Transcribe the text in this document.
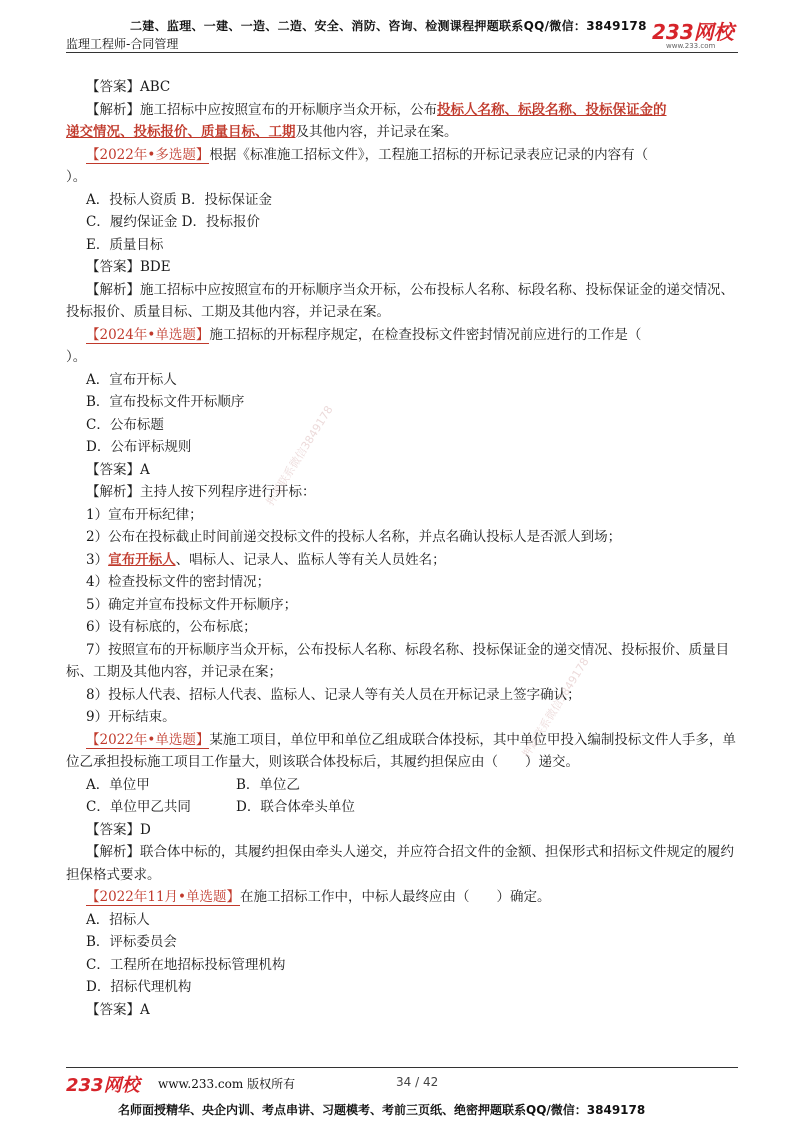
二建、监理、一建、一造、二造、安全、消防、咨询、检测课程押题联系QQ/微信：3849178
监理工程师-合同管理	233网校
www.233.com
押题联系微信3849178
押题联系微信3849178
【答案】ABC
【解析】施工招标中应按照宣布的开标顺序当众开标，公布投标人名称、标段名称、投标保证金的
递交情况、投标报价、质量目标、工期及其他内容，并记录在案。
【2022年•多选题】根据《标准施工招标文件》，工程施工招标的开标记录表应记录的内容有（
）。
A．投标人资质 B．投标保证金
C．履约保证金 D．投标报价
E．质量目标
【答案】BDE
【解析】施工招标中应按照宣布的开标顺序当众开标，公布投标人名称、标段名称、投标保证金的递交情况、投标报价、质量目标、工期及其他内容，并记录在案。
【2024年•单选题】施工招标的开标程序规定，在检查投标文件密封情况前应进行的工作是（
）。
A．宣布开标人
B．宣布投标文件开标顺序
C．公布标题
D．公布评标规则
【答案】A
【解析】主持人按下列程序进行开标：
1）宣布开标纪律；
2）公布在投标截止时间前递交投标文件的投标人名称，并点名确认投标人是否派人到场；
3）宣布开标人、唱标人、记录人、监标人等有关人员姓名；
4）检查投标文件的密封情况；
5）确定并宣布投标文件开标顺序；
6）设有标底的，公布标底；
7）按照宣布的开标顺序当众开标，公布投标人名称、标段名称、投标保证金的递交情况、投标报价、质量目标、工期及其他内容，并记录在案；
8）投标人代表、招标人代表、监标人、记录人等有关人员在开标记录上签字确认；
9）开标结束。
【2022年•单选题】某施工项目，单位甲和单位乙组成联合体投标，其中单位甲投入编制投标文件人手多，单位乙承担投标施工项目工作量大，则该联合体投标后，其履约担保应由（　　）递交。
A．单位甲	B．单位乙
C．单位甲乙共同	D．联合体牵头单位
【答案】D
【解析】联合体中标的，其履约担保由牵头人递交，并应符合招文件的金额、担保形式和招标文件规定的履约担保格式要求。
【2022年11月•单选题】在施工招标工作中，中标人最终应由（　　）确定。
A．招标人
B．评标委员会
C．工程所在地招标投标管理机构
D．招标代理机构
【答案】A
233网校 www.233.com 版权所有	34 / 42
名师面授精华、央企内训、考点串讲、习题模考、考前三页纸、绝密押题联系QQ/微信：3849178
